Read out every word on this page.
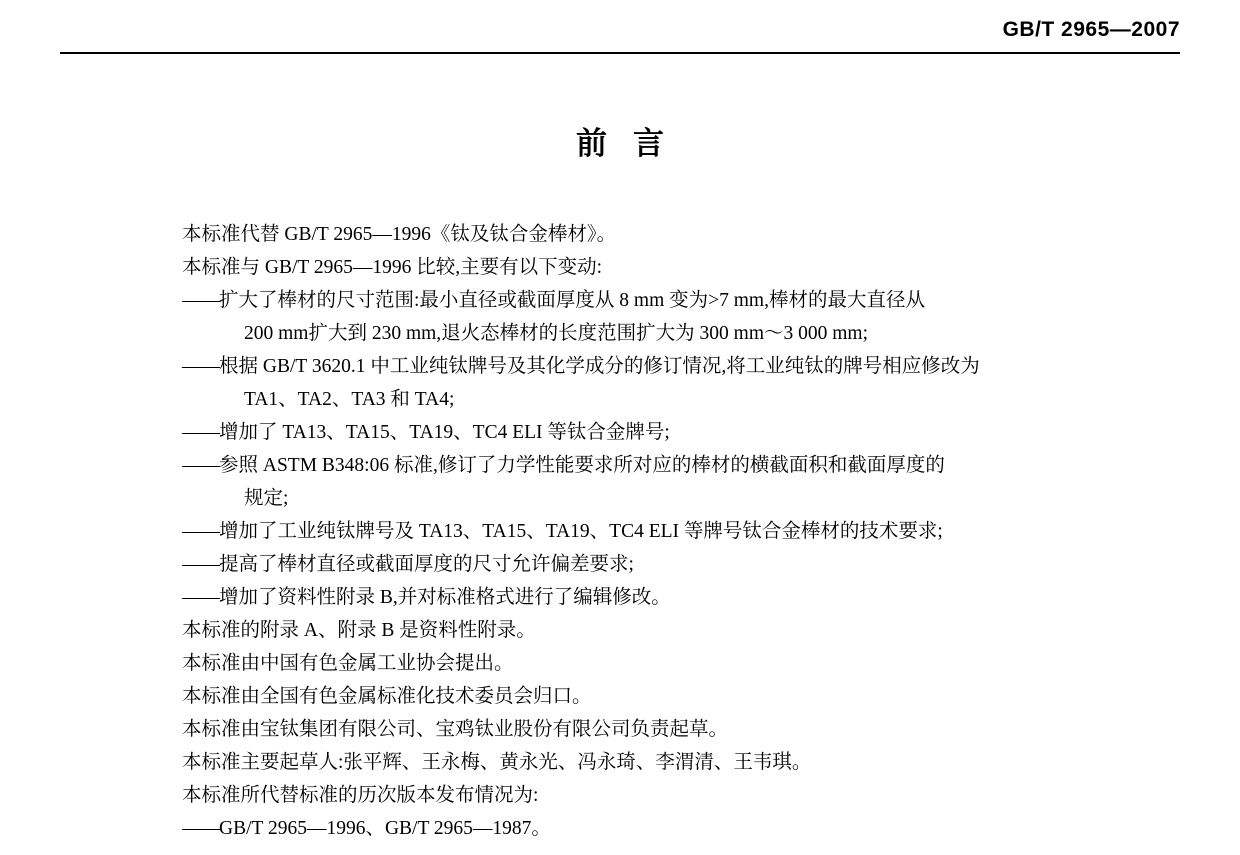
GB/T 2965—2007
前言

本标准代替 GB/T 2965—1996《钛及钛合金棒材》。

本标准与 GB/T 2965—1996 比较,主要有以下变动:

——扩大了棒材的尺寸范围:最小直径或截面厚度从 8 mm 变为>7 mm,棒材的最大直径从

200 mm扩大到 230 mm,退火态棒材的长度范围扩大为 300 mm～3 000 mm;

——根据 GB/T 3620.1 中工业纯钛牌号及其化学成分的修订情况,将工业纯钛的牌号相应修改为

TA1、TA2、TA3 和 TA4;

——增加了 TA13、TA15、TA19、TC4 ELI 等钛合金牌号;

——参照 ASTM B348:06 标准,修订了力学性能要求所对应的棒材的横截面积和截面厚度的

规定;

——增加了工业纯钛牌号及 TA13、TA15、TA19、TC4 ELI 等牌号钛合金棒材的技术要求;

——提高了棒材直径或截面厚度的尺寸允许偏差要求;

——增加了资料性附录 B,并对标准格式进行了编辑修改。

本标准的附录 A、附录 B 是资料性附录。

本标准由中国有色金属工业协会提出。

本标准由全国有色金属标准化技术委员会归口。

本标准由宝钛集团有限公司、宝鸡钛业股份有限公司负责起草。

本标准主要起草人:张平辉、王永梅、黄永光、冯永琦、李渭清、王韦琪。

本标准所代替标准的历次版本发布情况为:

——GB/T 2965—1996、GB/T 2965—1987。
